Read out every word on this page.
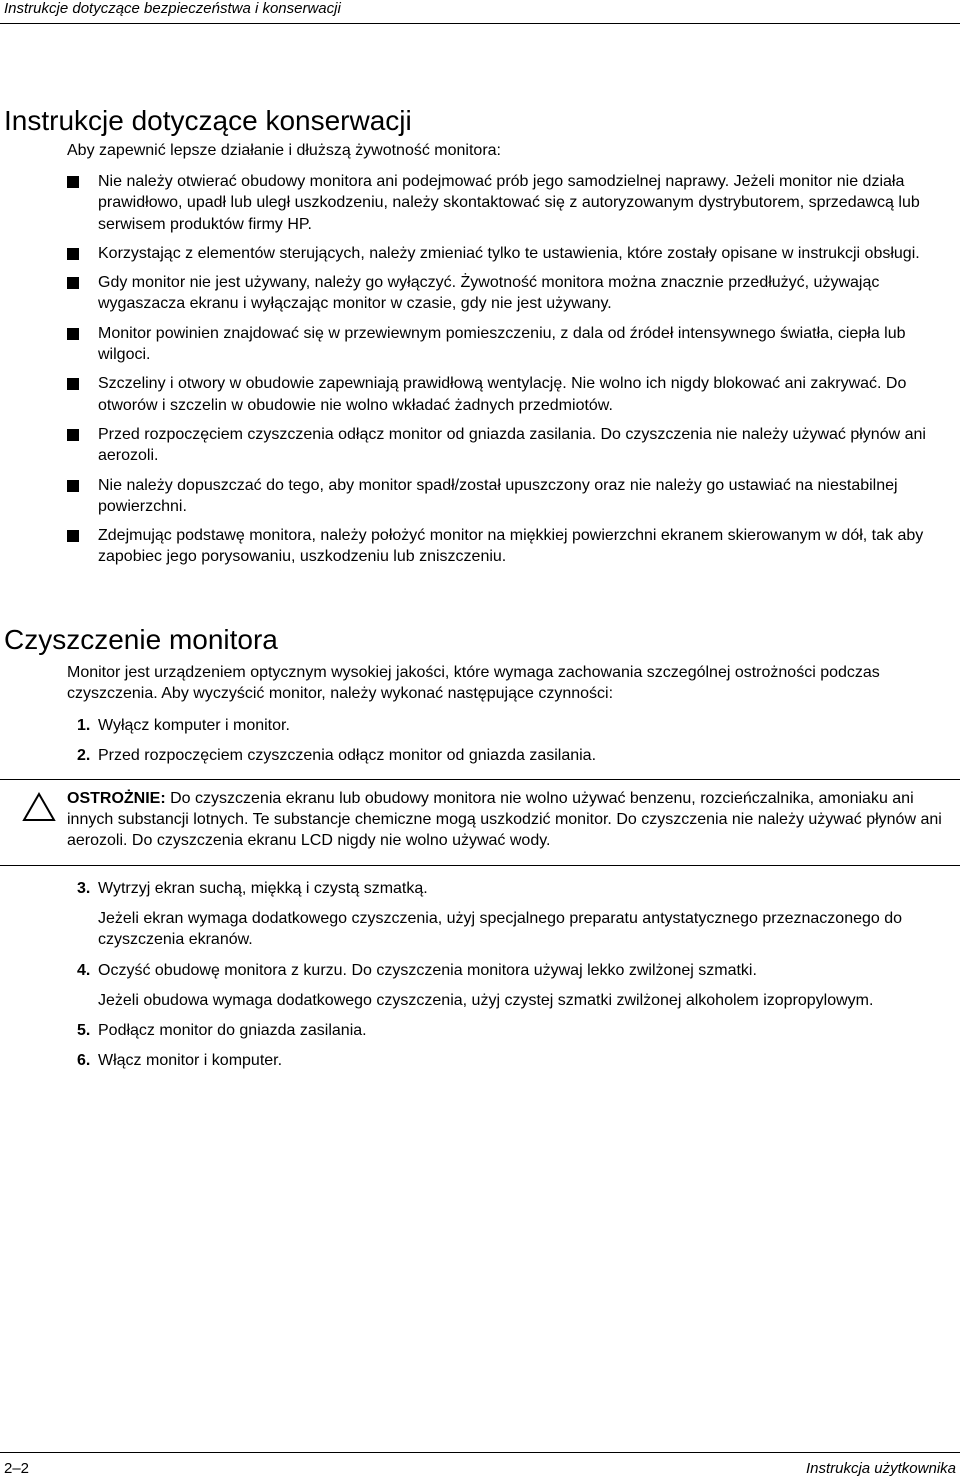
Instrukcje dotyczące bezpieczeństwa i konserwacji
Instrukcje dotyczące konserwacji
Aby zapewnić lepsze działanie i dłuższą żywotność monitora:
Nie należy otwierać obudowy monitora ani podejmować prób jego samodzielnej naprawy. Jeżeli monitor nie działa prawidłowo, upadł lub uległ uszkodzeniu, należy skontaktować się z autoryzowanym dystrybutorem, sprzedawcą lub serwisem produktów firmy HP.
Korzystając z elementów sterujących, należy zmieniać tylko te ustawienia, które zostały opisane w instrukcji obsługi.
Gdy monitor nie jest używany, należy go wyłączyć. Żywotność monitora można znacznie przedłużyć, używając wygaszacza ekranu i wyłączając monitor w czasie, gdy nie jest używany.
Monitor powinien znajdować się w przewiewnym pomieszczeniu, z dala od źródeł intensywnego światła, ciepła lub wilgoci.
Szczeliny i otwory w obudowie zapewniają prawidłową wentylację. Nie wolno ich nigdy blokować ani zakrywać. Do otworów i szczelin w obudowie nie wolno wkładać żadnych przedmiotów.
Przed rozpoczęciem czyszczenia odłącz monitor od gniazda zasilania. Do czyszczenia nie należy używać płynów ani aerozoli.
Nie należy dopuszczać do tego, aby monitor spadł/został upuszczony oraz nie należy go ustawiać na niestabilnej powierzchni.
Zdejmując podstawę monitora, należy położyć monitor na miękkiej powierzchni ekranem skierowanym w dół, tak aby zapobiec jego porysowaniu, uszkodzeniu lub zniszczeniu.
Czyszczenie monitora
Monitor jest urządzeniem optycznym wysokiej jakości, które wymaga zachowania szczególnej ostrożności podczas czyszczenia. Aby wyczyścić monitor, należy wykonać następujące czynności:
1. Wyłącz komputer i monitor.
2. Przed rozpoczęciem czyszczenia odłącz monitor od gniazda zasilania.
OSTROŻNIE: Do czyszczenia ekranu lub obudowy monitora nie wolno używać benzenu, rozcieńczalnika, amoniaku ani innych substancji lotnych. Te substancje chemiczne mogą uszkodzić monitor. Do czyszczenia nie należy używać płynów ani aerozoli. Do czyszczenia ekranu LCD nigdy nie wolno używać wody.
3. Wytrzyj ekran suchą, miękką i czystą szmatką.
Jeżeli ekran wymaga dodatkowego czyszczenia, użyj specjalnego preparatu antystatycznego przeznaczonego do czyszczenia ekranów.
4. Oczyść obudowę monitora z kurzu. Do czyszczenia monitora używaj lekko zwilżonej szmatki.
Jeżeli obudowa wymaga dodatkowego czyszczenia, użyj czystej szmatki zwilżonej alkoholem izopropylowym.
5. Podłącz monitor do gniazda zasilania.
6. Włącz monitor i komputer.
2–2	Instrukcja użytkownika
